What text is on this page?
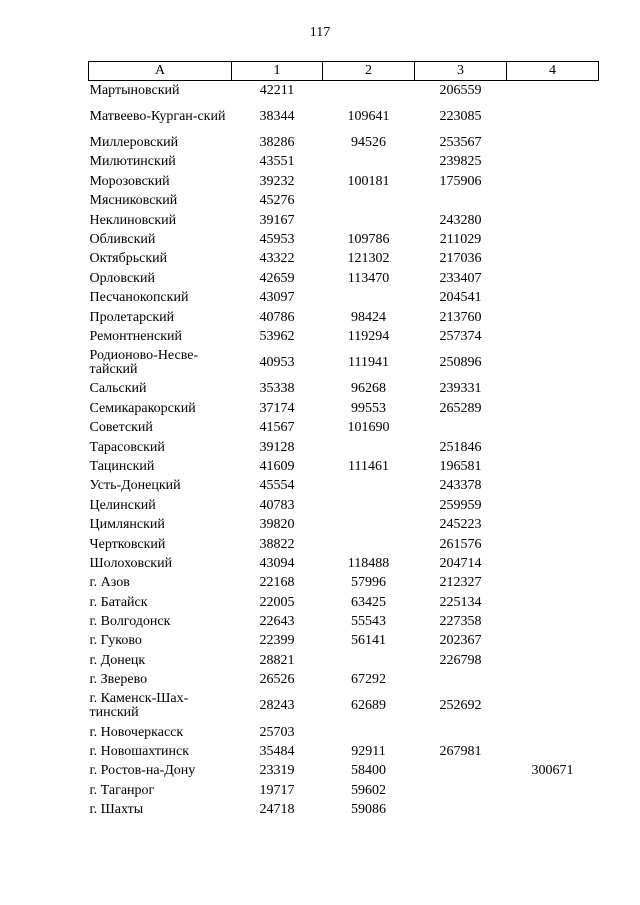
117
А	1	2	3	4
Мартыновский	42211		206559	
Матвеево-Курган-ский	38344	109641	223085	
Миллеровский	38286	94526	253567	
Милютинский	43551		239825	
Морозовский	39232	100181	175906	
Мясниковский	45276			
Неклиновский	39167		243280	
Обливский	45953	109786	211029	
Октябрьский	43322	121302	217036	
Орловский	42659	113470	233407	
Песчанокопский	43097		204541	
Пролетарский	40786	98424	213760	
Ремонтненский	53962	119294	257374	
Родионово-Несве-тайский	40953	111941	250896	
Сальский	35338	96268	239331	
Семикаракорский	37174	99553	265289	
Советский	41567	101690		
Тарасовский	39128		251846	
Тацинский	41609	111461	196581	
Усть-Донецкий	45554		243378	
Целинский	40783		259959	
Цимлянский	39820		245223	
Чертковский	38822		261576	
Шолоховский	43094	118488	204714	
г. Азов	22168	57996	212327	
г. Батайск	22005	63425	225134	
г. Волгодонск	22643	55543	227358	
г. Гуково	22399	56141	202367	
г. Донецк	28821		226798	
г. Зверево	26526	67292		
г. Каменск-Шах-тинский	28243	62689	252692	
г. Новочеркасск	25703			
г. Новошахтинск	35484	92911	267981	
г. Ростов-на-Дону	23319	58400		300671
г. Таганрог	19717	59602		
г. Шахты	24718	59086		
